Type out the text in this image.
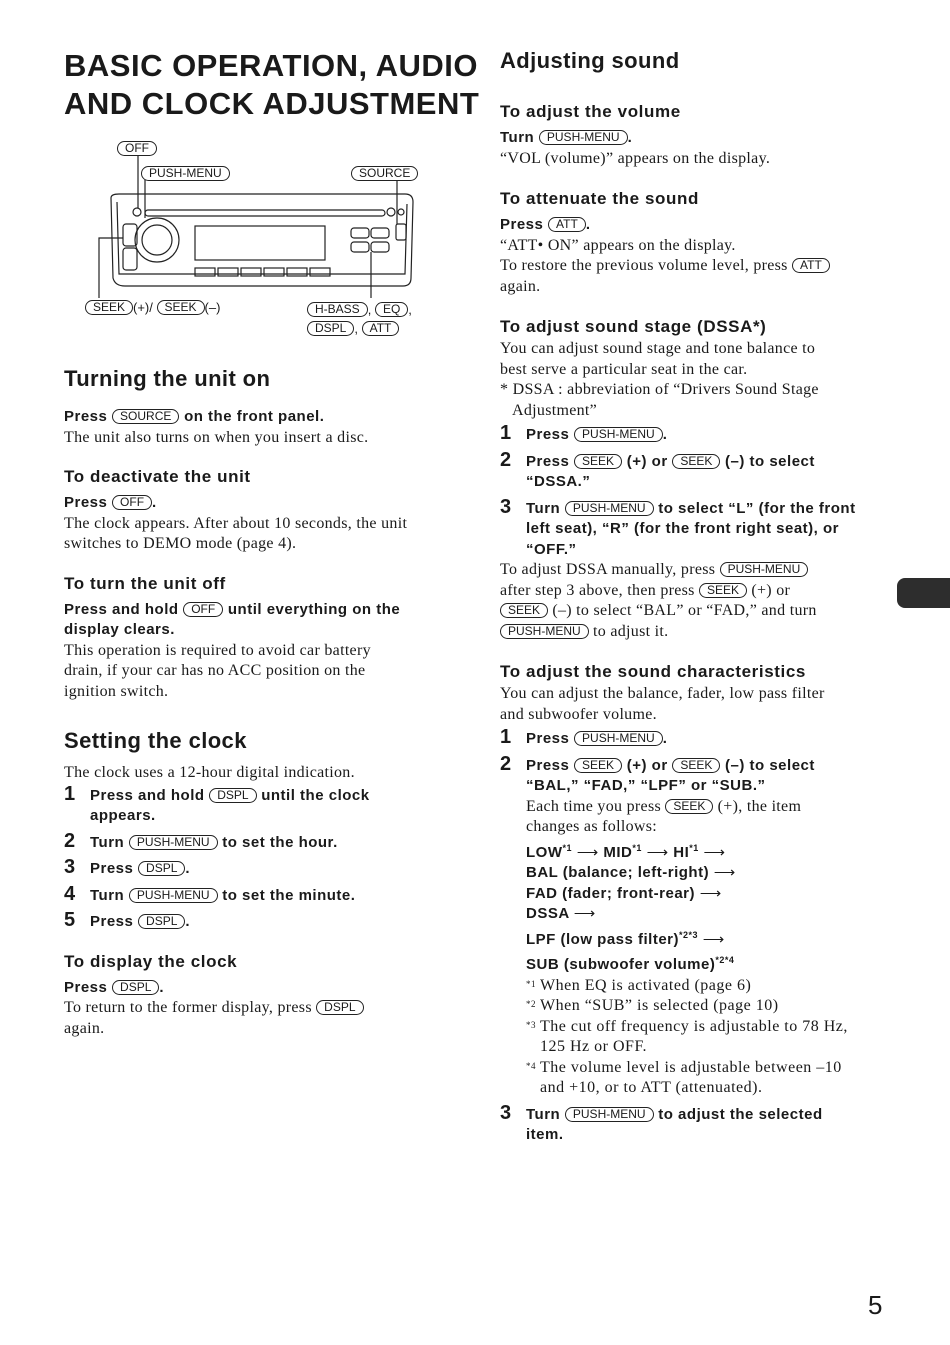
BASIC OPERATION, AUDIO
AND CLOCK ADJUSTMENT
OFF
PUSH-MENU	SOURCE
SEEK (+)/ SEEK (–)	H-BASS , EQ ,
DSPL , ATT
Turning the unit on
Press SOURCE on the front panel.
The unit also turns on when you insert a disc.
To deactivate the unit
Press OFF .
The clock appears. After about 10 seconds, the unit
switches to DEMO mode (page 4).
To turn the unit off
Press and hold OFF until everything on the
display clears.
This operation is required to avoid car battery
drain, if your car has no ACC position on the
ignition switch.
Setting the clock
The clock uses a 12-hour digital indication.
1 Press and hold DSPL until the clock
appears.
2 Turn PUSH-MENU to set the hour.
3 Press DSPL .
4 Turn PUSH-MENU to set the minute.
5 Press DSPL .
To display the clock
Press DSPL .
To return to the former display, press DSPL
again.
Adjusting sound
To adjust the volume
Turn PUSH-MENU .
“VOL (volume)” appears on the display.
To attenuate the sound
Press ATT .
“ATT• ON” appears on the display.
To restore the previous volume level, press ATT
again.
To adjust sound stage (DSSA*)
You can adjust sound stage and tone balance to
best serve a particular seat in the car.
* DSSA : abbreviation of “Drivers Sound Stage
Adjustment”
1 Press PUSH-MENU .
2 Press SEEK (+) or SEEK (–) to select
“DSSA.”
3 Turn PUSH-MENU to select “L” (for the front
left seat), “R” (for the front right seat), or
“OFF.”
To adjust DSSA manually, press PUSH-MENU
after step 3 above, then press SEEK (+) or
SEEK (–) to select “BAL” or “FAD,” and turn
PUSH-MENU to adjust it.
To adjust the sound characteristics
You can adjust the balance, fader, low pass filter
and subwoofer volume.
1 Press PUSH-MENU .
2 Press SEEK (+) or SEEK (–) to select
“BAL,” “FAD,” “LPF” or “SUB.”
Each time you press SEEK (+), the item
changes as follows:
LOW$^{*1}$ ⟶ MID$^{*1}$ ⟶ HI$^{*1}$ ⟶
BAL (balance; left-right) ⟶
FAD (fader; front-rear) ⟶
DSSA ⟶
LPF (low pass filter)$^{*2*3}$ ⟶
SUB (subwoofer volume)$^{*2*4}$
*1 When EQ is activated (page 6)
*2 When “SUB” is selected (page 10)
*3 The cut off frequency is adjustable to 78 Hz,
125 Hz or OFF.
*4 The volume level is adjustable between –10
and +10, or to ATT (attenuated).
3 Turn PUSH-MENU to adjust the selected
item.
5
